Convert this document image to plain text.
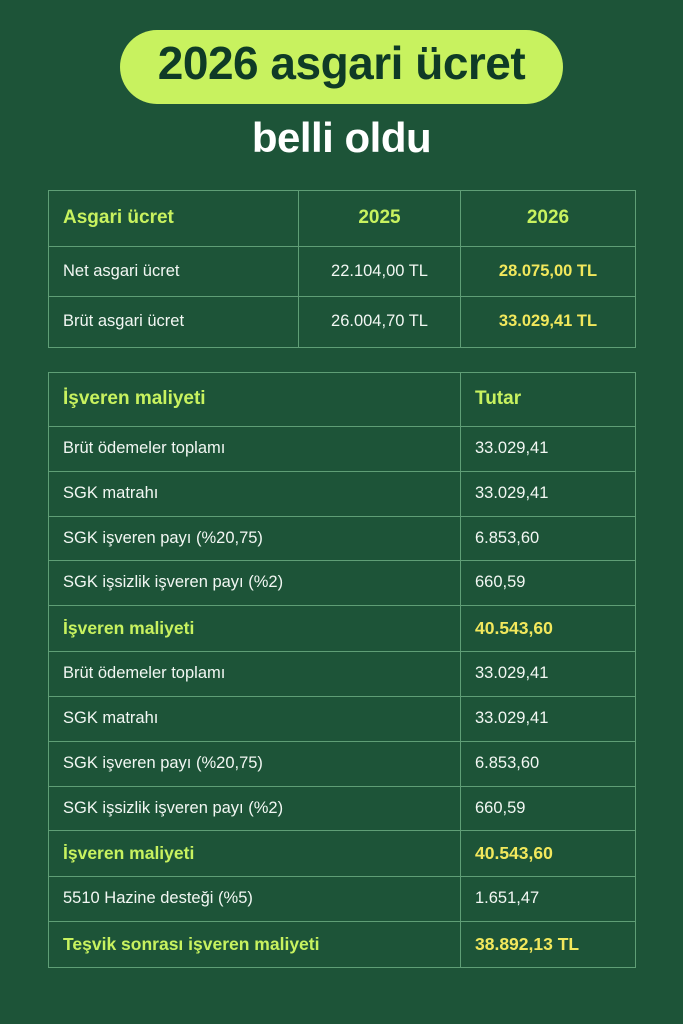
2026 asgari ücret
belli oldu
Asgari ücret	2025	2026
Net asgari ücret	22.104,00 TL	28.075,00 TL
Brüt asgari ücret	26.004,70 TL	33.029,41 TL
İşveren maliyeti	Tutar
Brüt ödemeler toplamı	33.029,41
SGK matrahı	33.029,41
SGK işveren payı (%20,75)	6.853,60
SGK işsizlik işveren payı (%2)	660,59
İşveren maliyeti	40.543,60
Brüt ödemeler toplamı	33.029,41
SGK matrahı	33.029,41
SGK işveren payı (%20,75)	6.853,60
SGK işsizlik işveren payı (%2)	660,59
İşveren maliyeti	40.543,60
5510 Hazine desteği (%5)	1.651,47
Teşvik sonrası işveren maliyeti	38.892,13 TL
